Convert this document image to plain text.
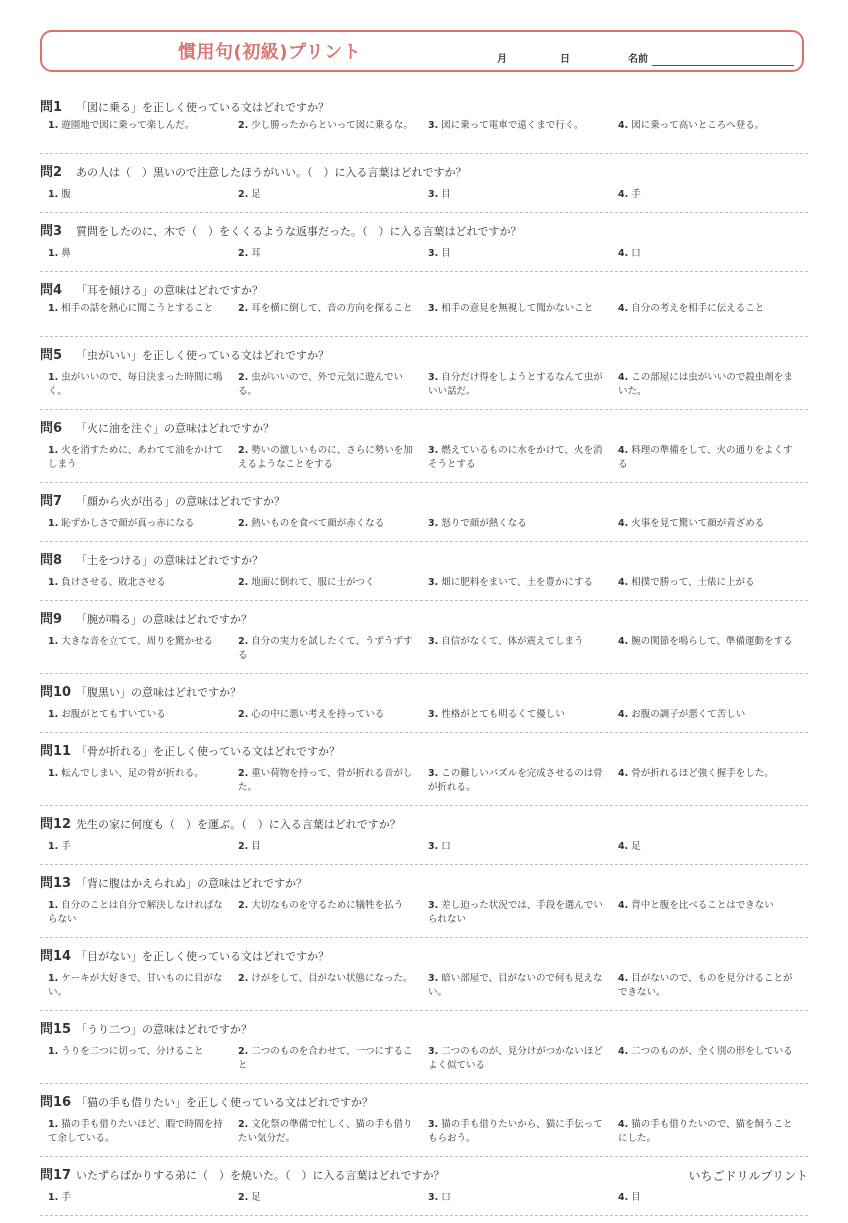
慣用句(初級)プリント	月	日	名前
問1	「図に乗る」を正しく使っている文はどれですか？
1. 遊園地で図に乗って楽しんだ。	2. 少し勝ったからといって図に乗るな。	3. 図に乗って電車で遠くまで行く。	4. 図に乗って高いところへ登る。
問2	あの人は（　）黒いので注意したほうがいい。（　）に入る言葉はどれですか？
1. 腹	2. 足	3. 目	4. 手
問3	質問をしたのに、木で（　）をくくるような返事だった。（　）に入る言葉はどれですか？
1. 鼻	2. 耳	3. 目	4. 口
問4	「耳を傾ける」の意味はどれですか？
1. 相手の話を熱心に聞こうとすること	2. 耳を横に倒して、音の方向を探ること	3. 相手の意見を無視して聞かないこと	4. 自分の考えを相手に伝えること
問5	「虫がいい」を正しく使っている文はどれですか？
1. 虫がいいので、毎日決まった時間に鳴く。
2. 虫がいいので、外で元気に遊んでいる。
3. 自分だけ得をしようとするなんて虫がいい話だ。
4. この部屋には虫がいいので殺虫剤をまいた。
問6	「火に油を注ぐ」の意味はどれですか？
1. 火を消すために、あわてて油をかけてしまう
2. 勢いの激しいものに、さらに勢いを加えるようなことをする
3. 燃えているものに水をかけて、火を消そうとする
4. 料理の準備をして、火の通りをよくする
問7	「顔から火が出る」の意味はどれですか？
1. 恥ずかしさで顔が真っ赤になる	2. 熱いものを食べて顔が赤くなる	3. 怒りで顔が熱くなる	4. 火事を見て驚いて顔が青ざめる
問8	「土をつける」の意味はどれですか？
1. 負けさせる、敗北させる	2. 地面に倒れて、服に土がつく	3. 畑に肥料をまいて、土を豊かにする	4. 相撲で勝って、土俵に上がる
問9	「腕が鳴る」の意味はどれですか？
1. 大きな音を立てて、周りを驚かせる	2. 自分の実力を試したくて、うずうずする
3. 自信がなくて、体が震えてしまう	4. 腕の関節を鳴らして、準備運動をする
問10 「腹黒い」の意味はどれですか？
1. お腹がとてもすいている	2. 心の中に悪い考えを持っている	3. 性格がとても明るくて優しい	4. お腹の調子が悪くて苦しい
問11 「骨が折れる」を正しく使っている文はどれですか？
1. 転んでしまい、足の骨が折れる。	2. 重い荷物を持って、骨が折れる音がした。
3. この難しいパズルを完成させるのは骨が折れる。
4. 骨が折れるほど強く握手をした。
問12 先生の家に何度も（　）を運ぶ。（　）に入る言葉はどれですか？
1. 手	2. 目	3. 口	4. 足
問13 「背に腹はかえられぬ」の意味はどれですか？
1. 自分のことは自分で解決しなければならない
2. 大切なものを守るために犠牲を払う	3. 差し迫った状況では、手段を選んでいられない
4. 背中と腹を比べることはできない
問14 「目がない」を正しく使っている文はどれですか？
1. ケーキが大好きで、甘いものに目がない。
2. けがをして、目がない状態になった。	3. 暗い部屋で、目がないので何も見えない。
4. 目がないので、ものを見分けることができない。
問15 「うり二つ」の意味はどれですか？
1. うりを二つに切って、分けること	2. 二つのものを合わせて、一つにすること
3. 二つのものが、見分けがつかないほどよく似ている
4. 二つのものが、全く別の形をしている
問16 「猫の手も借りたい」を正しく使っている文はどれですか？
1. 猫の手も借りたいほど、暇で時間を持て余している。
2. 文化祭の準備で忙しく、猫の手も借りたい気分だ。
3. 猫の手も借りたいから、猫に手伝ってもらおう。
4. 猫の手も借りたいので、猫を飼うことにした。
問17 いたずらばかりする弟に（　）を焼いた。（　）に入る言葉はどれですか？
1. 手	2. 足	3. 口	4. 目
いちごドリルプリント
